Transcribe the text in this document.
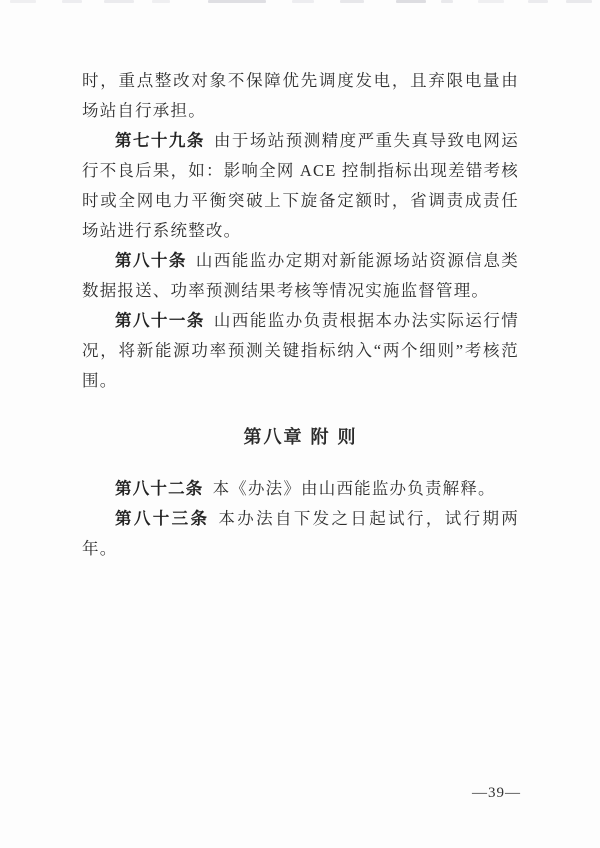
时，重点整改对象不保障优先调度发电，且弃限电量由场站自行承担。

第七十九条 由于场站预测精度严重失真导致电网运行不良后果，如：影响全网 ACE 控制指标出现差错考核时或全网电力平衡突破上下旋备定额时，省调责成责任场站进行系统整改。

第八十条 山西能监办定期对新能源场站资源信息类数据报送、功率预测结果考核等情况实施监督管理。

第八十一条 山西能监办负责根据本办法实际运行情况，将新能源功率预测关键指标纳入“两个细则”考核范围。

第八章 附 则

第八十二条 本《办法》由山西能监办负责解释。

第八十三条 本办法自下发之日起试行，试行期两年。

—39—
